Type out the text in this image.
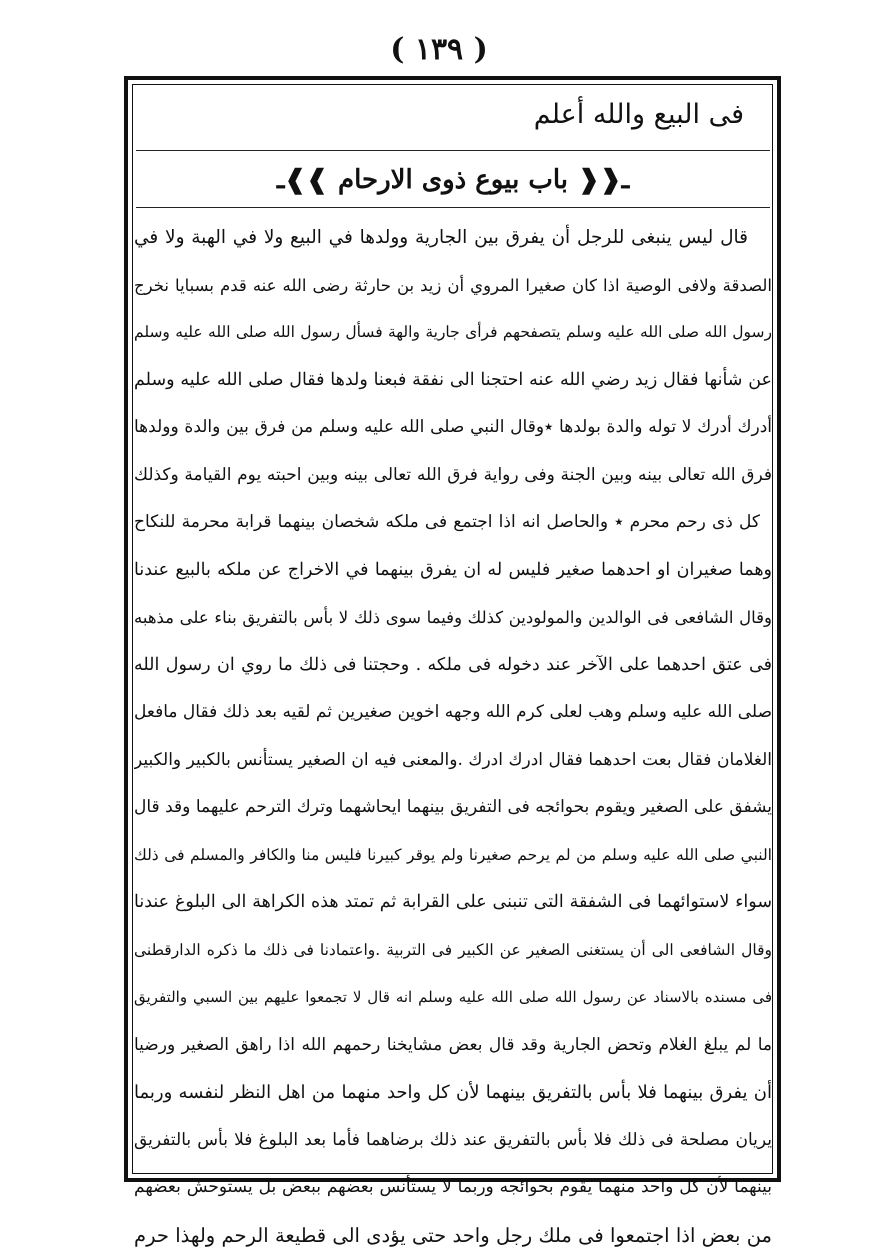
( ١٣٩ )
فى البيع والله أعلم
ـ❰❰
باب بيوع ذوى الارحام
❱❱ـ
قال ليس ينبغى للرجل أن يفرق بين الجارية وولدها في البيع ولا في الهبة ولا في
الصدقة ولافى الوصية اذا كان صغيرا المروي أن زيد بن حارثة رضى الله عنه قدم بسبايا نخرج
رسول الله صلى الله عليه وسلم يتصفحهم فرأى جارية والهة فسأل رسول الله صلى الله عليه وسلم
عن شأنها فقال زيد رضي الله عنه احتجنا الى نفقة فبعنا ولدها فقال صلى الله عليه وسلم
أدرك أدرك لا توله والدة بولدها ٭وقال النبي صلى الله عليه وسلم من فرق بين والدة وولدها
فرق الله تعالى بينه وبين الجنة وفى رواية فرق الله تعالى بينه وبين احبته يوم القيامة وكذلك
كل ذى رحم محرم ٭ والحاصل انه اذا اجتمع فى ملكه شخصان بينهما قرابة محرمة للنكاح
وهما صغيران او احدهما صغير فليس له ان يفرق بينهما في الاخراج عن ملكه بالبيع عندنا
وقال الشافعى فى الوالدين والمولودين كذلك وفيما سوى ذلك لا بأس بالتفريق بناء على مذهبه
فى عتق احدهما على الآخر عند دخوله فى ملكه . وحجتنا فى ذلك ما روي ان رسول الله
صلى الله عليه وسلم وهب لعلى كرم الله وجهه اخوين صغيرين ثم لقيه بعد ذلك فقال مافعل
الغلامان فقال بعت احدهما فقال ادرك ادرك .والمعنى فيه ان الصغير يستأنس بالكبير والكبير
يشفق على الصغير ويقوم بحوائجه فى التفريق بينهما ايحاشهما وترك الترحم عليهما وقد قال
النبي صلى الله عليه وسلم من لم يرحم صغيرنا ولم يوقر كبيرنا فليس منا والكافر والمسلم فى ذلك
سواء لاستوائهما فى الشفقة التى تنبنى على القرابة ثم تمتد هذه الكراهة الى البلوغ عندنا
وقال الشافعى الى أن يستغنى الصغير عن الكبير فى التربية .واعتمادنا فى ذلك ما ذكره الدارقطنى
فى مسنده بالاسناد عن رسول الله صلى الله عليه وسلم انه قال لا تجمعوا عليهم بين السبي والتفريق
ما لم يبلغ الغلام وتحض الجارية وقد قال بعض مشايخنا رحمهم الله اذا راهق الصغير ورضيا
أن يفرق بينهما فلا بأس بالتفريق بينهما لأن كل واحد منهما من اهل النظر لنفسه وربما
يريان مصلحة فى ذلك فلا بأس بالتفريق عند ذلك برضاهما فأما بعد البلوغ فلا بأس بالتفريق
بينهما لأن كل واحد منهما يقوم بحوائجه وربما لا يستأنس بعضهم ببعض بل يستوحش بعضهم
من بعض اذا اجتمعوا فى ملك رجل واحد حتى يؤدى الى قطيعة الرحم ولهذا حرم
